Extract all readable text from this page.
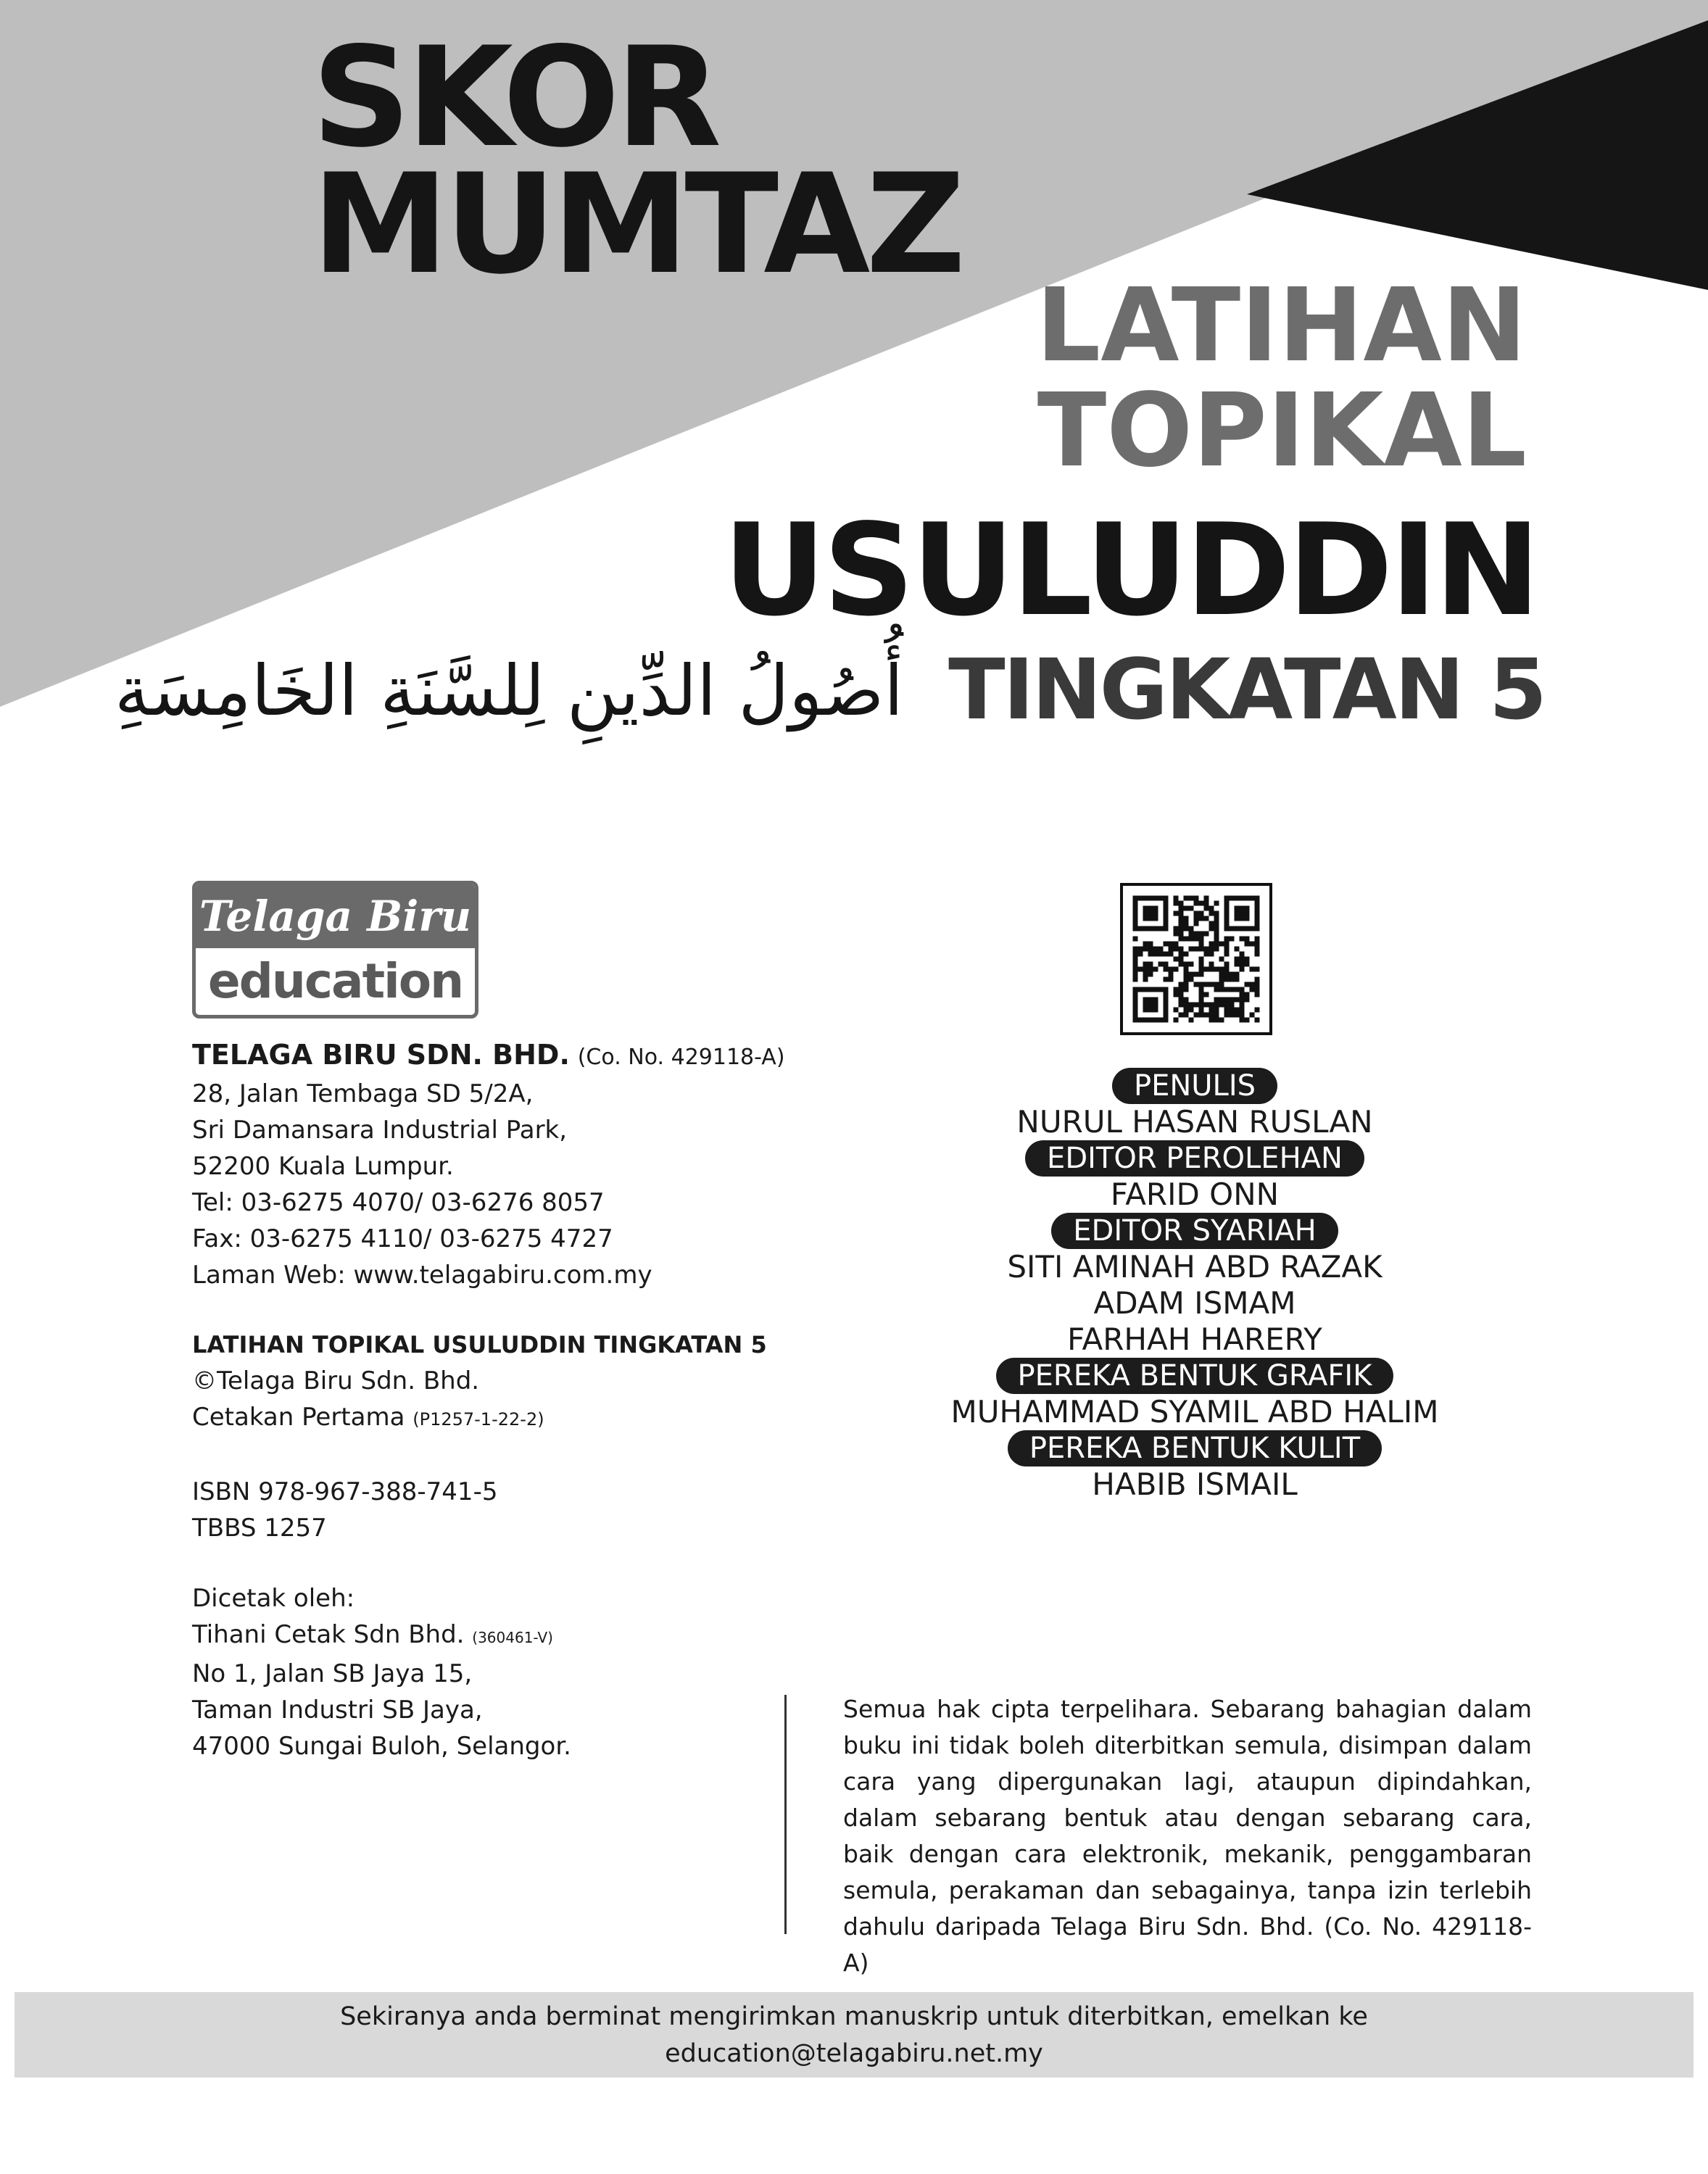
SKOR
MUMTAZ
LATIHAN
TOPIKAL
USULUDDIN
TINGKATAN 5
أُصُولُ الدِّينِ لِلسَّنَةِ الخَامِسَةِ
Telaga Biru
education
TELAGA BIRU SDN. BHD. (Co. No. 429118-A)
28, Jalan Tembaga SD 5/2A,
Sri Damansara Industrial Park,
52200 Kuala Lumpur.
Tel: 03-6275 4070/ 03-6276 8057
Fax: 03-6275 4110/ 03-6275 4727
Laman Web: www.telagabiru.com.my
LATIHAN TOPIKAL USULUDDIN TINGKATAN 5
©Telaga Biru Sdn. Bhd.
Cetakan Pertama (P1257-1-22-2)
ISBN 978-967-388-741-5
TBBS 1257
Dicetak oleh:
Tihani Cetak Sdn Bhd. (360461-V)
No 1, Jalan SB Jaya 15,
Taman Industri SB Jaya,
47000 Sungai Buloh, Selangor.
PENULIS
NURUL HASAN RUSLAN
EDITOR PEROLEHAN
FARID ONN
EDITOR SYARIAH
SITI AMINAH ABD RAZAK
ADAM ISMAM
FARHAH HARERY
PEREKA BENTUK GRAFIK
MUHAMMAD SYAMIL ABD HALIM
PEREKA BENTUK KULIT
HABIB ISMAIL
Semua hak cipta terpelihara. Sebarang bahagian dalam buku ini tidak boleh diterbitkan semula, disimpan dalam cara yang dipergunakan lagi, ataupun dipindahkan, dalam sebarang bentuk atau dengan sebarang cara, baik dengan cara elektronik, mekanik, penggambaran semula, perakaman dan sebagainya, tanpa izin terlebih dahulu daripada Telaga Biru Sdn. Bhd. (Co. No. 429118-A)
Sekiranya anda berminat mengirimkan manuskrip untuk diterbitkan, emelkan ke
education@telagabiru.net.my
